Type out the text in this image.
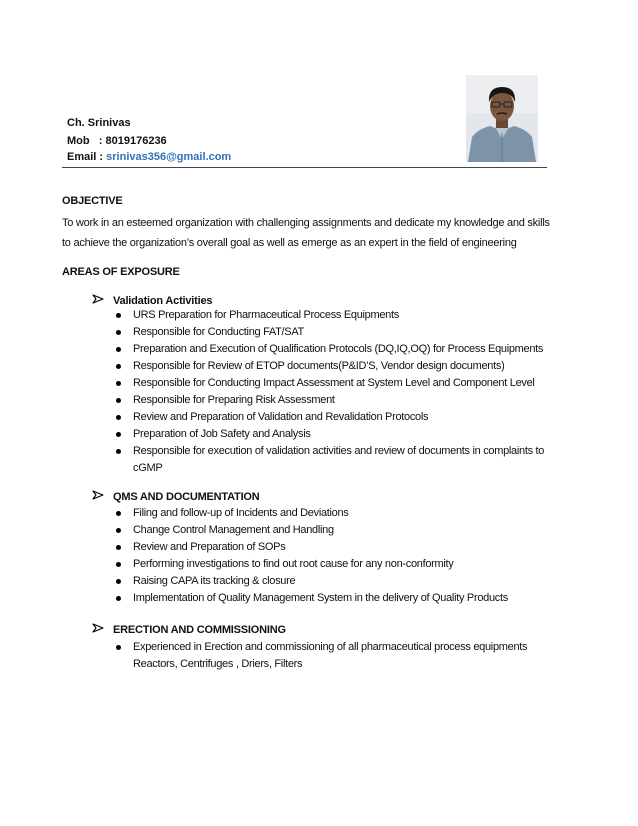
Ch. Srinivas
Mob   : 8019176236
Email : srinivas356@gmail.com
OBJECTIVE
To work in an esteemed organization with challenging assignments and dedicate my knowledge and skills to achieve the organization’s overall goal as well as emerge as an expert in the field of engineering
AREAS OF EXPOSURE
Validation Activities
URS Preparation for Pharmaceutical Process Equipments
Responsible for Conducting FAT/SAT
Preparation and Execution of Qualification Protocols (DQ,IQ,OQ) for Process Equipments
Responsible for Review of ETOP documents(P&ID’S, Vendor design documents)
Responsible for Conducting Impact Assessment at System Level and Component Level
Responsible for Preparing Risk Assessment
Review and Preparation of Validation and Revalidation Protocols
Preparation of Job Safety and Analysis
Responsible for execution of validation activities and review of documents in complaints to cGMP
QMS AND DOCUMENTATION
Filing and follow-up of Incidents and Deviations
Change Control Management and Handling
Review and Preparation of SOPs
Performing investigations to find out root cause for any non-conformity
Raising CAPA its tracking & closure
Implementation of Quality Management System in the delivery of Quality Products
ERECTION AND COMMISSIONING
Experienced in Erection and commissioning of all pharmaceutical process equipments Reactors, Centrifuges , Driers, Filters
